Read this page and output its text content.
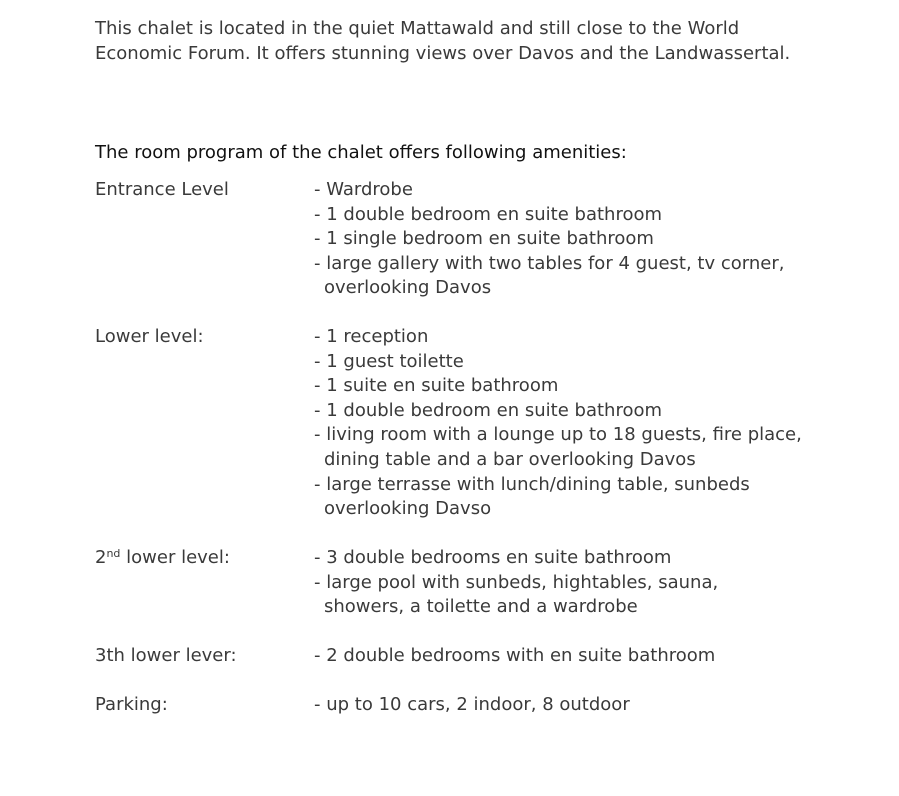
This chalet is located in the quiet Mattawald and still close to the World Economic Forum. It offers stunning views over Davos and the Landwassertal.

The room program of the chalet offers following amenities:
Entrance Level	- Wardrobe
- 1 double bedroom en suite bathroom
- 1 single bedroom en suite bathroom
- large gallery with two tables for 4 guest, tv corner, overlooking Davos
Lower level:	- 1 reception
- 1 guest toilette
- 1 suite en suite bathroom
- 1 double bedroom en suite bathroom
- living room with a lounge up to 18 guests, fire place, dining table and a bar overlooking Davos
- large terrasse with lunch/dining table, sunbeds overlooking Davso
2nd lower level:	- 3 double bedrooms en suite bathroom
- large pool with sunbeds, hightables, sauna, showers, a toilette and a wardrobe
3th lower lever:	- 2 double bedrooms with en suite bathroom
Parking:	- up to 10 cars, 2 indoor, 8 outdoor
